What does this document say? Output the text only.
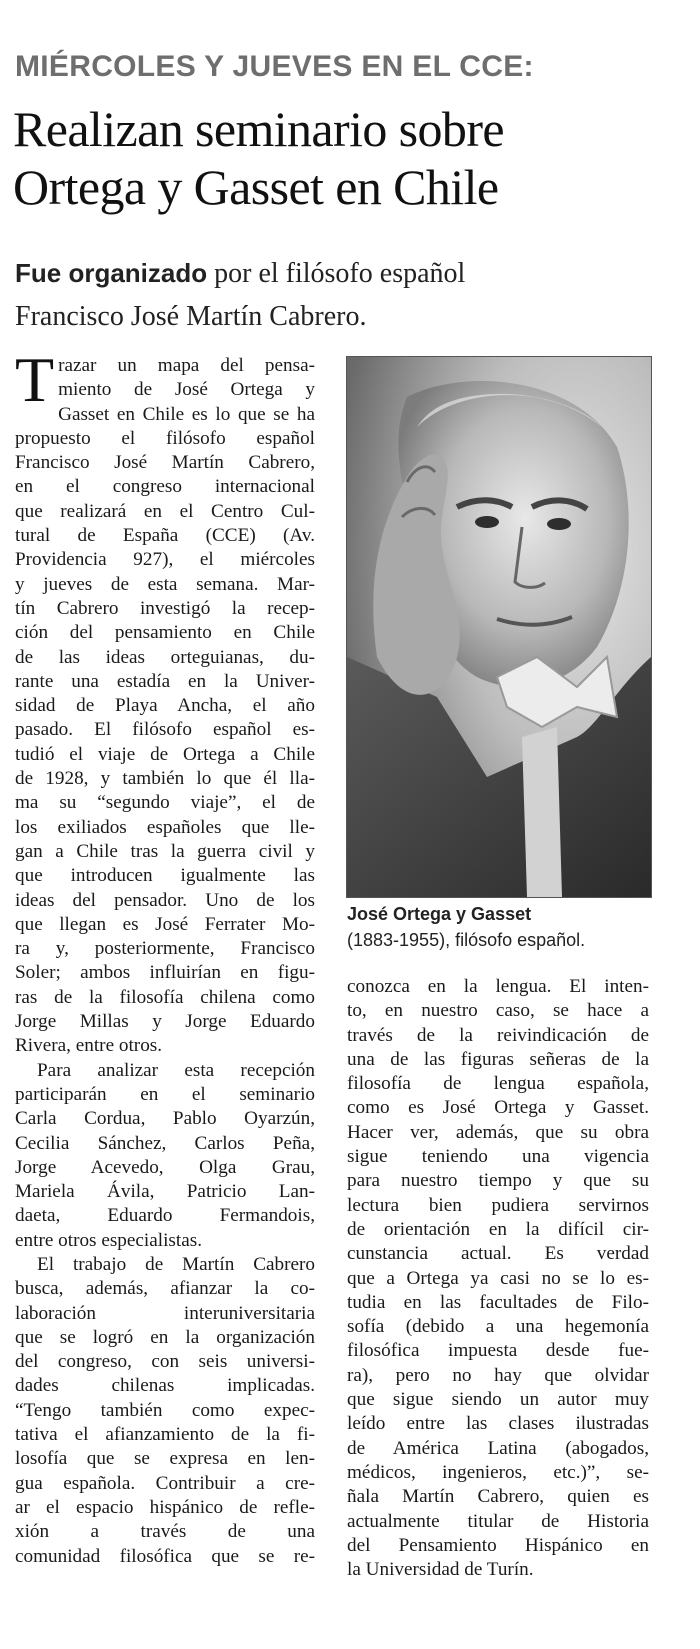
MIÉRCOLES Y JUEVES EN EL CCE:
Realizan seminario sobre
Ortega y Gasset en Chile
Fue organizado por el filósofo español
Francisco José Martín Cabrero.
T razar un mapa del pensa-
miento de José Ortega y
Gasset en Chile es lo que se ha
propuesto el filósofo español
Francisco José Martín Cabrero,
en el congreso internacional
que realizará en el Centro Cul-
tural de España (CCE) (Av.
Providencia 927), el miércoles
y jueves de esta semana. Mar-
tín Cabrero investigó la recep-
ción del pensamiento en Chile
de las ideas orteguianas, du-
rante una estadía en la Univer-
sidad de Playa Ancha, el año
pasado. El filósofo español es-
tudió el viaje de Ortega a Chile
de 1928, y también lo que él lla-
ma su “segundo viaje”, el de
los exiliados españoles que lle-
gan a Chile tras la guerra civil y
que introducen igualmente las
ideas del pensador. Uno de los
que llegan es José Ferrater Mo-
ra y, posteriormente, Francisco
Soler; ambos influirían en figu-
ras de la filosofía chilena como
Jorge Millas y Jorge Eduardo
Rivera, entre otros.
Para analizar esta recepción
participarán en el seminario
Carla Cordua, Pablo Oyarzún,
Cecilia Sánchez, Carlos Peña,
Jorge Acevedo, Olga Grau,
Mariela Ávila, Patricio Lan-
daeta, Eduardo Fermandois,
entre otros especialistas.
El trabajo de Martín Cabrero
busca, además, afianzar la co-
laboración interuniversitaria
que se logró en la organización
del congreso, con seis universi-
dades chilenas implicadas.
“Tengo también como expec-
tativa el afianzamiento de la fi-
losofía que se expresa en len-
gua española. Contribuir a cre-
ar el espacio hispánico de refle-
xión a través de una
comunidad filosófica que se re-
José Ortega y Gasset
(1883-1955), filósofo español.
conozca en la lengua. El inten-
to, en nuestro caso, se hace a
través de la reivindicación de
una de las figuras señeras de la
filosofía de lengua española,
como es José Ortega y Gasset.
Hacer ver, además, que su obra
sigue teniendo una vigencia
para nuestro tiempo y que su
lectura bien pudiera servirnos
de orientación en la difícil cir-
cunstancia actual. Es verdad
que a Ortega ya casi no se lo es-
tudia en las facultades de Filo-
sofía (debido a una hegemonía
filosófica impuesta desde fue-
ra), pero no hay que olvidar
que sigue siendo un autor muy
leído entre las clases ilustradas
de América Latina (abogados,
médicos, ingenieros, etc.)”, se-
ñala Martín Cabrero, quien es
actualmente titular de Historia
del Pensamiento Hispánico en
la Universidad de Turín.
